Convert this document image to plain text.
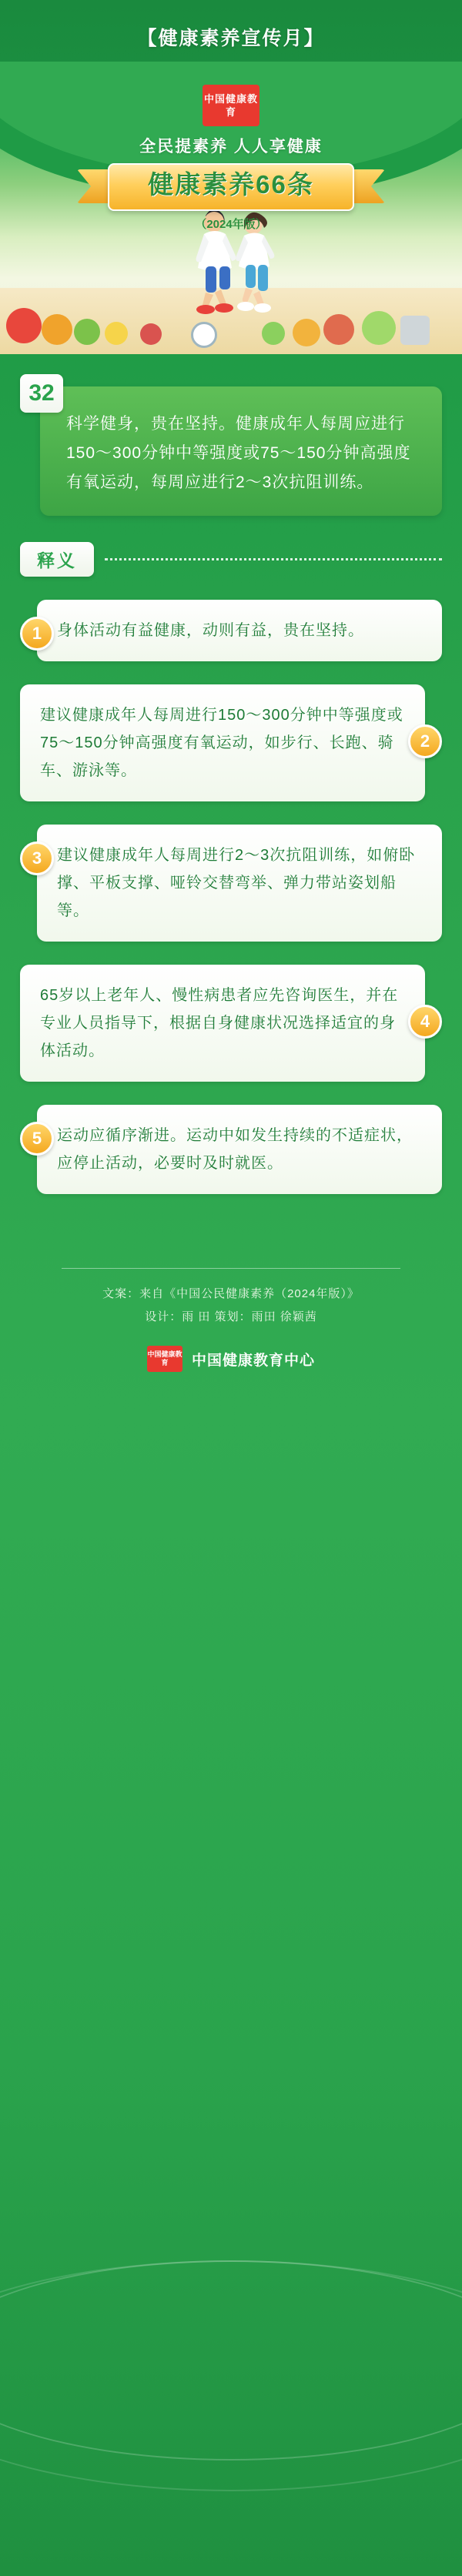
【健康素养宣传月】
中国健康教育
全民提素养 人人享健康
健康素养66条
（2024年版）
32
科学健身，贵在坚持。健康成年人每周应进行150～300分钟中等强度或75～150分钟高强度有氧运动，每周应进行2～3次抗阻训练。
释义
1 身体活动有益健康，动则有益，贵在坚持。
2
建议健康成年人每周进行150～300分钟中等强度或75～150分钟高强度有氧运动，如步行、长跑、骑车、游泳等。
3 建议健康成年人每周进行2～3次抗阻训练，如俯卧撑、平板支撑、哑铃交替弯举、弹力带站姿划船等。
4
65岁以上老年人、慢性病患者应先咨询医生，并在专业人员指导下，根据自身健康状况选择适宜的身体活动。
5 运动应循序渐进。运动中如发生持续的不适症状，应停止活动，必要时及时就医。
文案：来自《中国公民健康素养（2024年版）》
设计：雨 田 策划：雨田 徐颖茜
中国健康教育	中国健康教育中心
